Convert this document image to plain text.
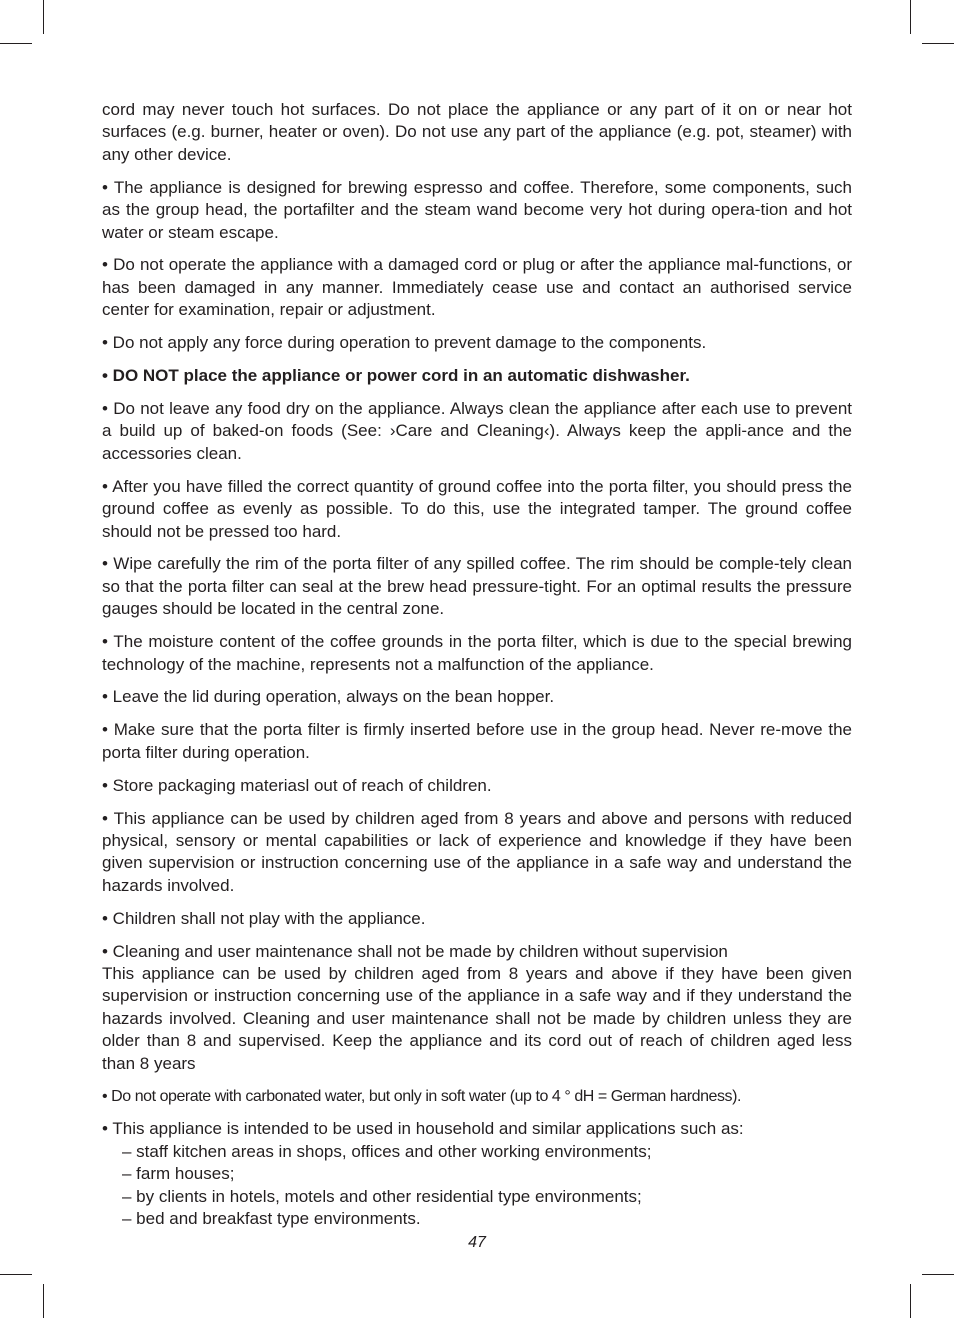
cord may never touch hot surfaces. Do not place the appliance or any part of it on or near hot surfaces (e.g. burner, heater or oven). Do not use any part of the appliance (e.g. pot, steamer) with any other device.

• The appliance is designed for brewing espresso and coffee. Therefore, some components, such as the group head, the portafilter and the steam wand become very hot during opera-tion and hot water or steam escape.

• Do not operate the appliance with a damaged cord or plug or after the appliance mal-functions, or has been damaged in any manner. Immediately cease use and contact an authorised service center for examination, repair or adjustment.

• Do not apply any force during operation to prevent damage to the components.

• DO NOT place the appliance or power cord in an automatic dishwasher.

• Do not leave any food dry on the appliance. Always clean the appliance after each use to prevent a build up of baked-on foods (See: ›Care and Cleaning‹). Always keep the appli-ance and the accessories clean.

• After you have filled the correct quantity of ground coffee into the porta filter, you should press the ground coffee as evenly as possible. To do this, use the integrated tamper. The ground coffee should not be pressed too hard.

• Wipe carefully the rim of the porta filter of any spilled coffee. The rim should be comple-tely clean so that the porta filter can seal at the brew head pressure-tight. For an optimal results the pressure gauges should be located in the central zone.

• The moisture content of the coffee grounds in the porta filter, which is due to the special brewing technology of the machine, represents not a malfunction of the appliance.

• Leave the lid during operation, always on the bean hopper.

• Make sure that the porta filter is firmly inserted before use in the group head. Never re-move the porta filter during operation.

• Store packaging materiasl out of reach of children.

• This appliance can be used by children aged from 8 years and above and persons with reduced physical, sensory or mental capabilities or lack of experience and knowledge if they have been given supervision or instruction concerning use of the appliance in a safe way and understand the hazards involved.

• Children shall not play with the appliance.

• Cleaning and user maintenance shall not be made by children without supervision
This appliance can be used by children aged from 8 years and above if they have been given supervision or instruction concerning use of the appliance in a safe way and if they understand the hazards involved. Cleaning and user maintenance shall not be made by children unless they are older than 8 and supervised. Keep the appliance and its cord out of reach of children aged less than 8 years

• Do not operate with carbonated water, but only in soft water (up to 4 ° dH = German hardness).

• This appliance is intended to be used in household and similar applications such as:
– staff kitchen areas in shops, offices and other working environments;
– farm houses;
– by clients in hotels, motels and other residential type environments;
– bed and breakfast type environments.

47
